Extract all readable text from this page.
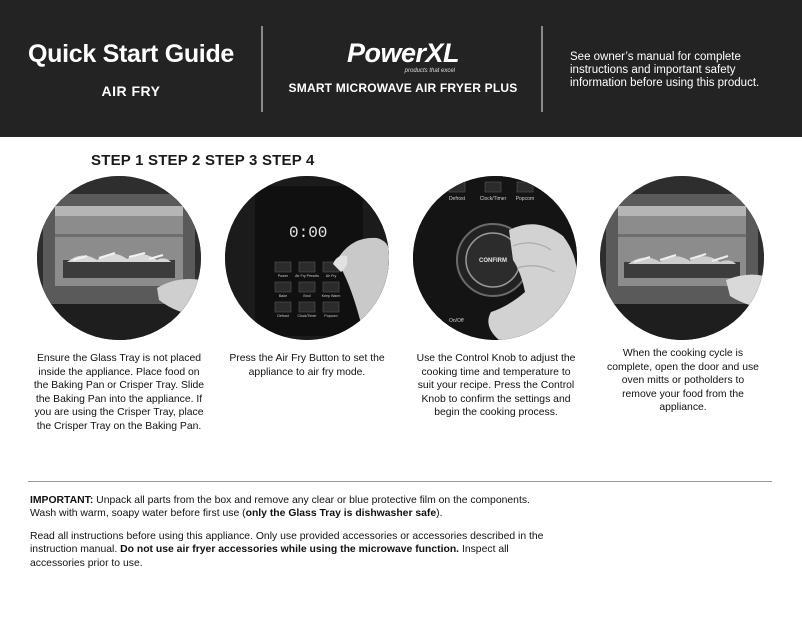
Quick Start Guide
AIR FRY
PowerXL
products that excel
SMART MICROWAVE AIR FRYER PLUS
See owner’s manual for complete instructions and important safety information before using this product.
STEP 1 STEP 2 STEP 3 STEP 4
0:00
Power Air Fry Presets Air Fry
Bake	Broil	Keep Warm
Defrost Clock/Timer Popcorn
Defrost	Clock/Timer Popcorn
CONFIRM
Lock On/Off
Ensure the Glass Tray is not placed inside the appliance. Place food on the Baking Pan or Crisper Tray. Slide the Baking Pan into the appliance. If you are using the Crisper Tray, place the Crisper Tray on the Baking Pan.
Press the Air Fry Button to set the appliance to air fry mode.
Use the Control Knob to adjust the cooking time and temperature to suit your recipe. Press the Control Knob to confirm the settings and begin the cooking process.
When the cooking cycle is complete, open the door and use oven mitts or potholders to remove your food from the appliance.
IMPORTANT: Unpack all parts from the box and remove any clear or blue protective film on the components. Wash with warm, soapy water before first use (only the Glass Tray is dishwasher safe).
Read all instructions before using this appliance. Only use provided accessories or accessories described in the instruction manual. Do not use air fryer accessories while using the microwave function. Inspect all accessories prior to use.
